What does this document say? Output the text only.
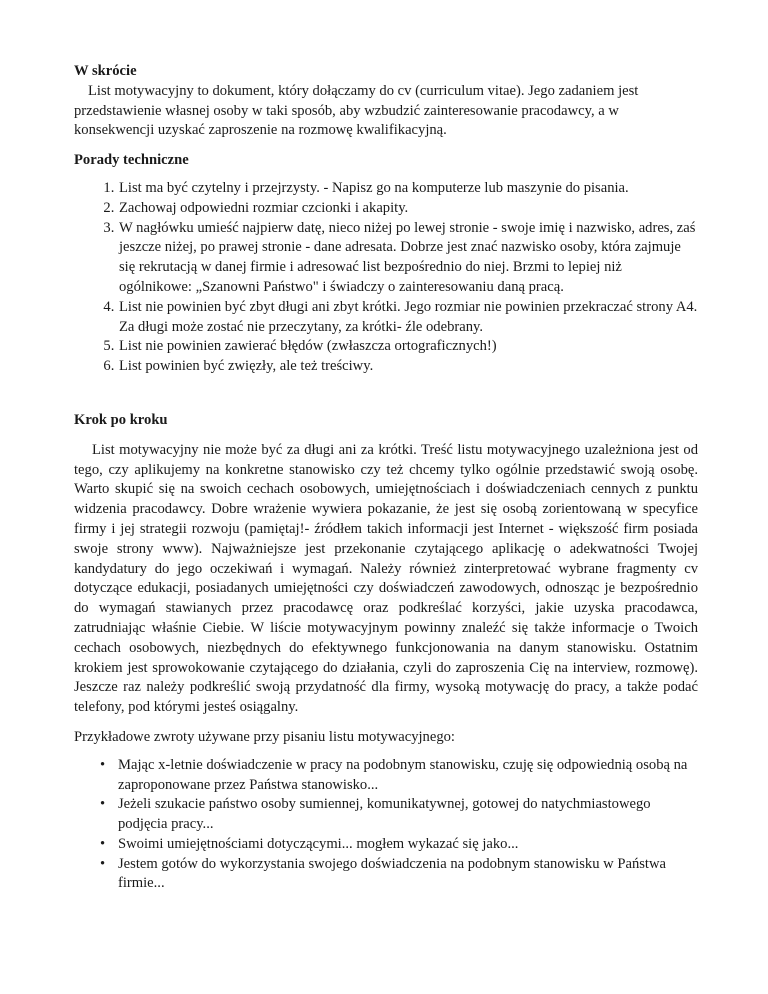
W skrócie

List motywacyjny to dokument, który dołączamy do cv (curriculum vitae). Jego zadaniem jest przedstawienie własnej osoby w taki sposób, aby wzbudzić zainteresowanie pracodawcy, a w konsekwencji uzyskać zaproszenie na rozmowę kwalifikacyjną.

Porady techniczne

1. List ma być czytelny i przejrzysty. - Napisz go na komputerze lub maszynie do pisania.
2. Zachowaj odpowiedni rozmiar czcionki i akapity.
3. W nagłówku umieść najpierw datę, nieco niżej po lewej stronie - swoje imię i nazwisko, adres, zaś jeszcze niżej, po prawej stronie - dane adresata. Dobrze jest znać nazwisko osoby, która zajmuje się rekrutacją w danej firmie i adresować list bezpośrednio do niej. Brzmi to lepiej niż ogólnikowe: „Szanowni Państwo" i świadczy o zainteresowaniu daną pracą.
4. List nie powinien być zbyt długi ani zbyt krótki. Jego rozmiar nie powinien przekraczać strony A4. Za długi może zostać nie przeczytany, za krótki- źle odebrany.
5. List nie powinien zawierać błędów (zwłaszcza ortograficznych!)
6. List powinien być zwięzły, ale też treściwy.

Krok po kroku

List motywacyjny nie może być za długi ani za krótki. Treść listu motywacyjnego uzależniona jest od tego, czy aplikujemy na konkretne stanowisko czy też chcemy tylko ogólnie przedstawić swoją osobę. Warto skupić się na swoich cechach osobowych, umiejętnościach i doświadczeniach cennych z punktu widzenia pracodawcy. Dobre wrażenie wywiera pokazanie, że jest się osobą zorientowaną w specyfice firmy i jej strategii rozwoju (pamiętaj!- źródłem takich informacji jest Internet - większość firm posiada swoje strony www). Najważniejsze jest przekonanie czytającego aplikację o adekwatności Twojej kandydatury do jego oczekiwań i wymagań. Należy również zinterpretować wybrane fragmenty cv dotyczące edukacji, posiadanych umiejętności czy doświadczeń zawodowych, odnosząc je bezpośrednio do wymagań stawianych przez pracodawcę oraz podkreślać korzyści, jakie uzyska pracodawca, zatrudniając właśnie Ciebie. W liście motywacyjnym powinny znaleźć się także informacje o Twoich cechach osobowych, niezbędnych do efektywnego funkcjonowania na danym stanowisku. Ostatnim krokiem jest sprowokowanie czytającego do działania, czyli do zaproszenia Cię na interview, rozmowę). Jeszcze raz należy podkreślić swoją przydatność dla firmy, wysoką motywację do pracy, a także podać telefony, pod którymi jesteś osiągalny.

Przykładowe zwroty używane przy pisaniu listu motywacyjnego:

• Mając x-letnie doświadczenie w pracy na podobnym stanowisku, czuję się odpowiednią osobą na zaproponowane przez Państwa stanowisko...
• Jeżeli szukacie państwo osoby sumiennej, komunikatywnej, gotowej do natychmiastowego podjęcia pracy...
• Swoimi umiejętnościami dotyczącymi... mogłem wykazać się jako...
• Jestem gotów do wykorzystania swojego doświadczenia na podobnym stanowisku w Państwa firmie...
